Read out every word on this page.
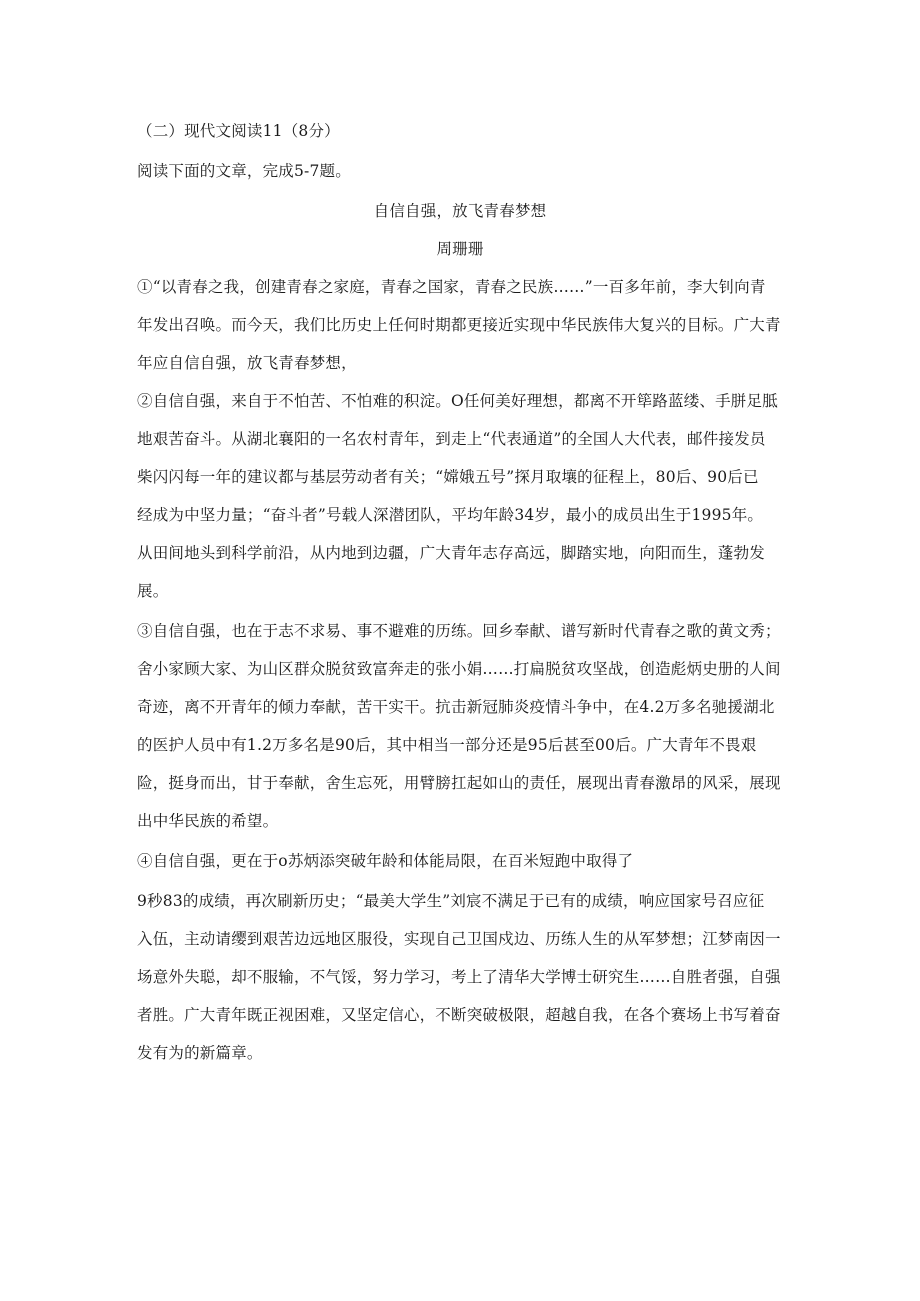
（二）现代文阅读11（8分）
阅读下面的文章，完成5-7题。
自信自强，放飞青春梦想
周珊珊
①“以青春之我，创建青春之家庭，青春之国家，青春之民族……”一百多年前，李大钊向青
年发出召唤。而今天，我们比历史上任何时期都更接近实现中华民族伟大复兴的目标。广大青
年应自信自强，放飞青春梦想，
②自信自强，来自于不怕苦、不怕难的积淀。O任何美好理想，都离不开筚路蓝缕、手胼足胝
地艰苦奋斗。从湖北襄阳的一名农村青年，到走上“代表通道”的全国人大代表，邮件接发员
柴闪闪每一年的建议都与基层劳动者有关；“嫦娥五号”探月取壤的征程上，80后、90后已
经成为中坚力量；“奋斗者”号载人深潜团队，平均年龄34岁，最小的成员出生于1995年。
从田间地头到科学前沿，从内地到边疆，广大青年志存高远，脚踏实地，向阳而生，蓬勃发
展。
③自信自强，也在于志不求易、事不避难的历练。回乡奉献、谱写新时代青春之歌的黄文秀；
舍小家顾大家、为山区群众脱贫致富奔走的张小娟……打扁脱贫攻坚战，创造彪炳史册的人间
奇迹，离不开青年的倾力奉献，苦干实干。抗击新冠肺炎疫情斗争中，在4.2万多名驰援湖北
的医护人员中有1.2万多名是90后，其中相当一部分还是95后甚至00后。广大青年不畏艰
险，挺身而出，甘于奉献，舍生忘死，用臂膀扛起如山的责任，展现出青春激昂的风采，展现
出中华民族的希望。
④自信自强，更在于o苏炳添突破年龄和体能局限，在百米短跑中取得了
9秒83的成绩，再次刷新历史；“最美大学生”刘宸不满足于已有的成绩，响应国家号召应征
入伍，主动请缨到艰苦边远地区服役，实现自己卫国戍边、历练人生的从军梦想；江梦南因一
场意外失聪，却不服输，不气馁，努力学习，考上了清华大学博士研究生……自胜者强，自强
者胜。广大青年既正视困难，又坚定信心，不断突破极限，超越自我，在各个赛场上书写着奋
发有为的新篇章。
